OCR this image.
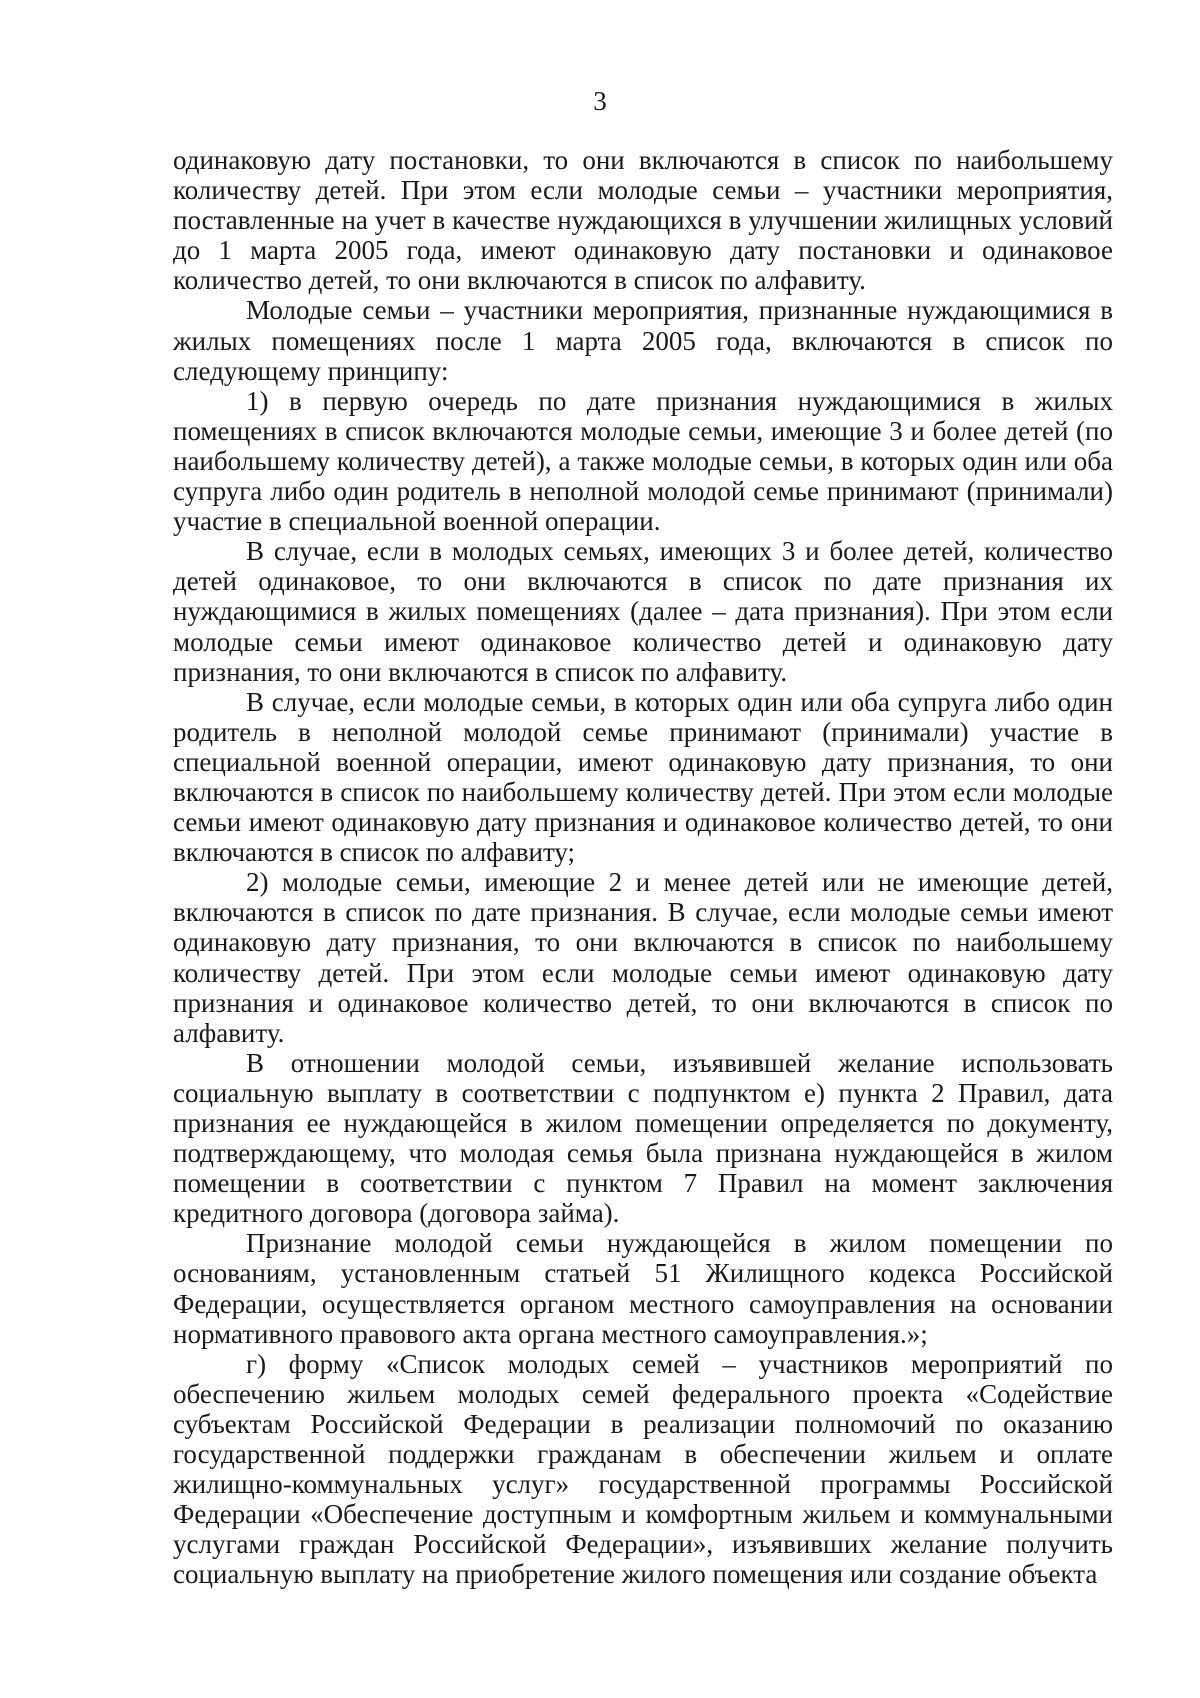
3

одинаковую дату постановки, то они включаются в список по наибольшему количеству детей. При этом если молодые семьи – участники мероприятия, поставленные на учет в качестве нуждающихся в улучшении жилищных условий до 1 марта 2005 года, имеют одинаковую дату постановки и одинаковое количество детей, то они включаются в список по алфавиту.

Молодые семьи – участники мероприятия, признанные нуждающимися в жилых помещениях после 1 марта 2005 года, включаются в список по следующему принципу:

1) в первую очередь по дате признания нуждающимися в жилых помещениях в список включаются молодые семьи, имеющие 3 и более детей (по наибольшему количеству детей), а также молодые семьи, в которых один или оба супруга либо один родитель в неполной молодой семье принимают (принимали) участие в специальной военной операции.

В случае, если в молодых семьях, имеющих 3 и более детей, количество детей одинаковое, то они включаются в список по дате признания их нуждающимися в жилых помещениях (далее – дата признания). При этом если молодые семьи имеют одинаковое количество детей и одинаковую дату признания, то они включаются в список по алфавиту.

В случае, если молодые семьи, в которых один или оба супруга либо один родитель в неполной молодой семье принимают (принимали) участие в специальной военной операции, имеют одинаковую дату признания, то они включаются в список по наибольшему количеству детей. При этом если молодые семьи имеют одинаковую дату признания и одинаковое количество детей, то они включаются в список по алфавиту;

2) молодые семьи, имеющие 2 и менее детей или не имеющие детей, включаются в список по дате признания. В случае, если молодые семьи имеют одинаковую дату признания, то они включаются в список по наибольшему количеству детей. При этом если молодые семьи имеют одинаковую дату признания и одинаковое количество детей, то они включаются в список по алфавиту.

В отношении молодой семьи, изъявившей желание использовать социальную выплату в соответствии с подпунктом е) пункта 2 Правил, дата признания ее нуждающейся в жилом помещении определяется по документу, подтверждающему, что молодая семья была признана нуждающейся в жилом помещении в соответствии с пунктом 7 Правил на момент заключения кредитного договора (договора займа).

Признание молодой семьи нуждающейся в жилом помещении по основаниям, установленным статьей 51 Жилищного кодекса Российской Федерации, осуществляется органом местного самоуправления на основании нормативного правового акта органа местного самоуправления.»;

г) форму «Список молодых семей – участников мероприятий по обеспечению жильем молодых семей федерального проекта «Содействие субъектам Российской Федерации в реализации полномочий по оказанию государственной поддержки гражданам в обеспечении жильем и оплате жилищно-коммунальных услуг» государственной программы Российской Федерации «Обеспечение доступным и комфортным жильем и коммунальными услугами граждан Российской Федерации», изъявивших желание получить социальную выплату на приобретение жилого помещения или создание объекта
